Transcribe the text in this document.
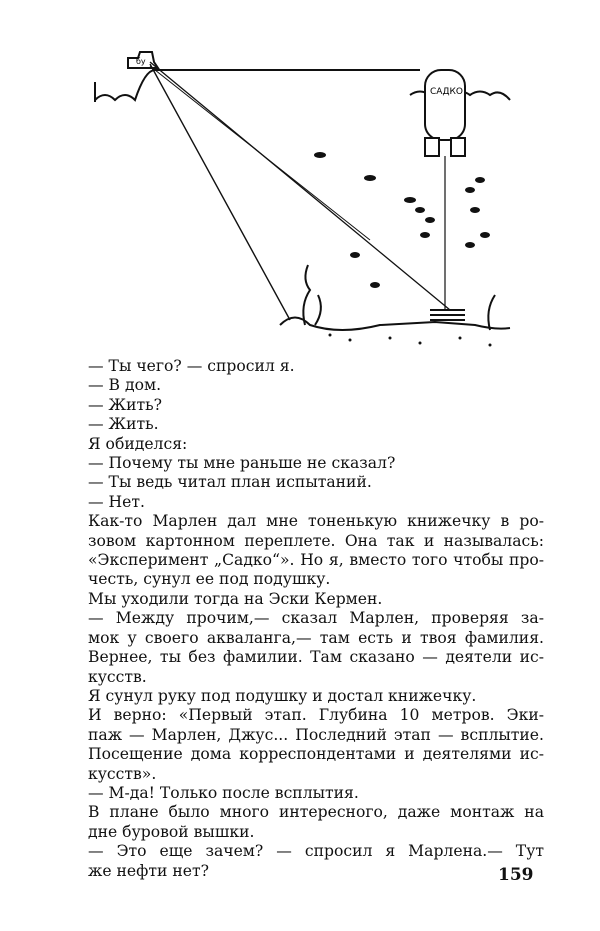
бу
САДКО
— Ты чего? — спросил я.
— В дом.
— Жить?
— Жить.
Я обиделся:
— Почему ты мне раньше не сказал?
— Ты ведь читал план испытаний.
— Нет.
Как-то Марлен дал мне тоненькую книжечку в ро-
зовом картонном переплете. Она так и называлась:
«Эксперимент „Садко“». Но я, вместо того чтобы про-
честь, сунул ее под подушку.
Мы уходили тогда на Эски Кермен.
— Между прочим,— сказал Марлен, проверяя за-
мок у своего акваланга,— там есть и твоя фамилия.
Вернее, ты без фамилии. Там сказано — деятели ис-
кусств.
Я сунул руку под подушку и достал книжечку.
И верно: «Первый этап. Глубина 10 метров. Эки-
паж — Марлен, Джус... Последний этап — всплытие.
Посещение дома корреспондентами и деятелями ис-
кусств».
— М-да! Только после всплытия.
В плане было много интересного, даже монтаж на
дне буровой вышки.
— Это еще зачем? — спросил я Марлена.— Тут
же нефти нет?	159
